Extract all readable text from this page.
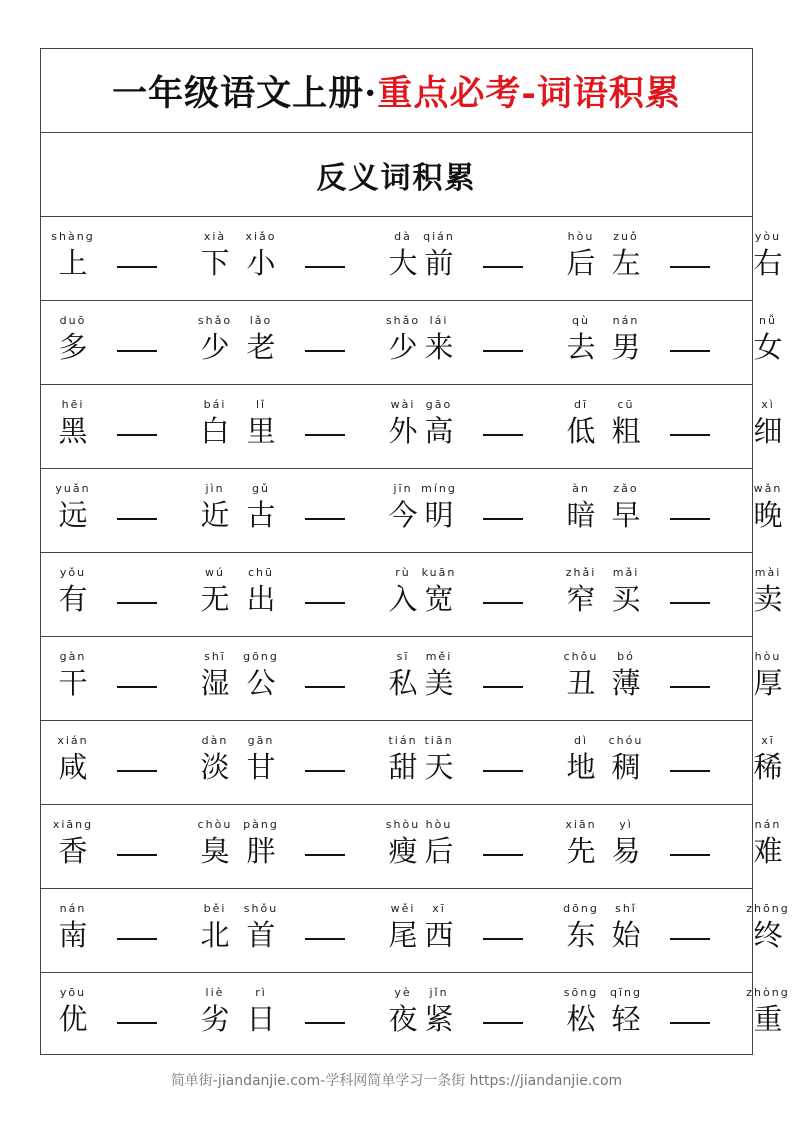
一年级语文上册· 重点必考-词语积累
反义词积累
shàng
上
xià
下
xiǎo
小
dà
大
qián
前
hòu
后
zuǒ
左
yòu
右
duō
多
shǎo
少
lǎo
老
shǎo
少
lái
来
qù
去
nán
男
nǚ
女
hēi
黑
bái
白
lǐ
里
wài
外
gāo
高
dī
低
cū
粗
xì
细
yuǎn
远
jìn
近
gǔ
古
jīn
今
míng
明
àn
暗
zǎo
早
wǎn
晚
yǒu
有
wú
无
chū
出
rù
入
kuān
宽
zhǎi
窄
mǎi
买
mài
卖
gàn
干
shī
湿
gōng
公
sī
私
měi
美
chǒu
丑
bó
薄
hòu
厚
xián
咸
dàn
淡
gān
甘
tián
甜
tiān
天
dì
地
chóu
稠
xī
稀
xiāng
香
chòu
臭
pàng
胖
shòu
瘦
hòu
后
xiān
先
yì
易
nán
难
nán
南
běi
北
shǒu
首
wěi
尾
xī
西
dōng
东
shǐ
始
zhōng
终
yōu
优
liè
劣
rì
日
yè
夜
jǐn
紧
sōng
松
qīng
轻
zhòng
重
简单街-jiandanjie.com-学科网简单学习一条街 https://jiandanjie.com
